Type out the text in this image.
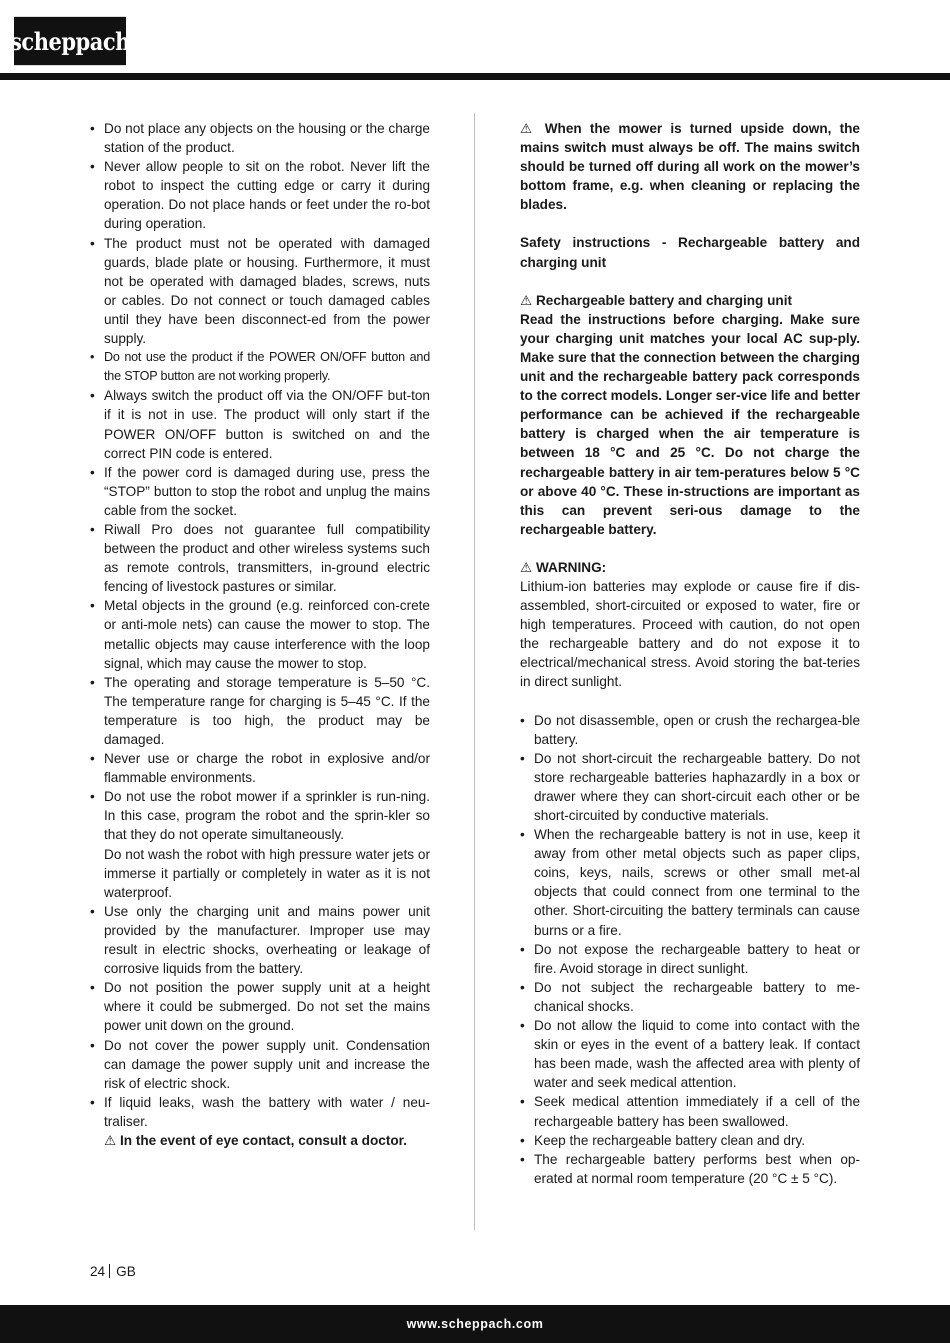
scheppach
• Do not place any objects on the housing or the charge station of the product.
• Never allow people to sit on the robot. Never lift the robot to inspect the cutting edge or carry it during operation. Do not place hands or feet under the ro-bot during operation.
• The product must not be operated with damaged guards, blade plate or housing. Furthermore, it must not be operated with damaged blades, screws, nuts or cables. Do not connect or touch damaged cables until they have been disconnect-ed from the power supply.
• Do not use the product if the POWER ON/OFF button and the STOP button are not working properly.
• Always switch the product off via the ON/OFF but-ton if it is not in use. The product will only start if the POWER ON/OFF button is switched on and the correct PIN code is entered.
• If the power cord is damaged during use, press the “STOP” button to stop the robot and unplug the mains cable from the socket.
• Riwall Pro does not guarantee full compatibility between the product and other wireless systems such as remote controls, transmitters, in-ground electric fencing of livestock pastures or similar.
• Metal objects in the ground (e.g. reinforced con-crete or anti-mole nets) can cause the mower to stop. The metallic objects may cause interference with the loop signal, which may cause the mower to stop.
• The operating and storage temperature is 5–50 °C. The temperature range for charging is 5–45 °C. If the temperature is too high, the product may be damaged.
• Never use or charge the robot in explosive and/or flammable environments.
• Do not use the robot mower if a sprinkler is run-ning. In this case, program the robot and the sprin-kler so that they do not operate simultaneously.
Do not wash the robot with high pressure water jets or immerse it partially or completely in water as it is not waterproof.
• Use only the charging unit and mains power unit provided by the manufacturer. Improper use may result in electric shocks, overheating or leakage of corrosive liquids from the battery.
• Do not position the power supply unit at a height where it could be submerged. Do not set the mains power unit down on the ground.
• Do not cover the power supply unit. Condensation can damage the power supply unit and increase the risk of electric shock.
• If liquid leaks, wash the battery with water / neu-traliser.

⚠ In the event of eye contact, consult a doctor.

⚠ When the mower is turned upside down, the mains switch must always be off. The mains switch should be turned off during all work on the mower’s bottom frame, e.g. when cleaning or replacing the blades.

Safety instructions - Rechargeable battery and charging unit

⚠ Rechargeable battery and charging unit

Read the instructions before charging. Make sure your charging unit matches your local AC sup-ply. Make sure that the connection between the charging unit and the rechargeable battery pack corresponds to the correct models. Longer ser-vice life and better performance can be achieved if the rechargeable battery is charged when the air temperature is between 18 °C and 25 °C. Do not charge the rechargeable battery in air tem-peratures below 5 °C or above 40 °C. These in-structions are important as this can prevent seri-ous damage to the rechargeable battery.

⚠ WARNING:

Lithium-ion batteries may explode or cause fire if dis-assembled, short-circuited or exposed to water, fire or high temperatures. Proceed with caution, do not open the rechargeable battery and do not expose it to electrical/mechanical stress. Avoid storing the bat-teries in direct sunlight.

• Do not disassemble, open or crush the rechargea-ble battery.
• Do not short-circuit the rechargeable battery. Do not store rechargeable batteries haphazardly in a box or drawer where they can short-circuit each other or be short-circuited by conductive materials.
• When the rechargeable battery is not in use, keep it away from other metal objects such as paper clips, coins, keys, nails, screws or other small met-al objects that could connect from one terminal to the other. Short-circuiting the battery terminals can cause burns or a fire.
• Do not expose the rechargeable battery to heat or fire. Avoid storage in direct sunlight.
• Do not subject the rechargeable battery to me-chanical shocks.
• Do not allow the liquid to come into contact with the skin or eyes in the event of a battery leak. If contact has been made, wash the affected area with plenty of water and seek medical attention.
• Seek medical attention immediately if a cell of the rechargeable battery has been swallowed.
• Keep the rechargeable battery clean and dry.
• The rechargeable battery performs best when op-erated at normal room temperature (20 °C ± 5 °C).
24 GB
www.scheppach.com
